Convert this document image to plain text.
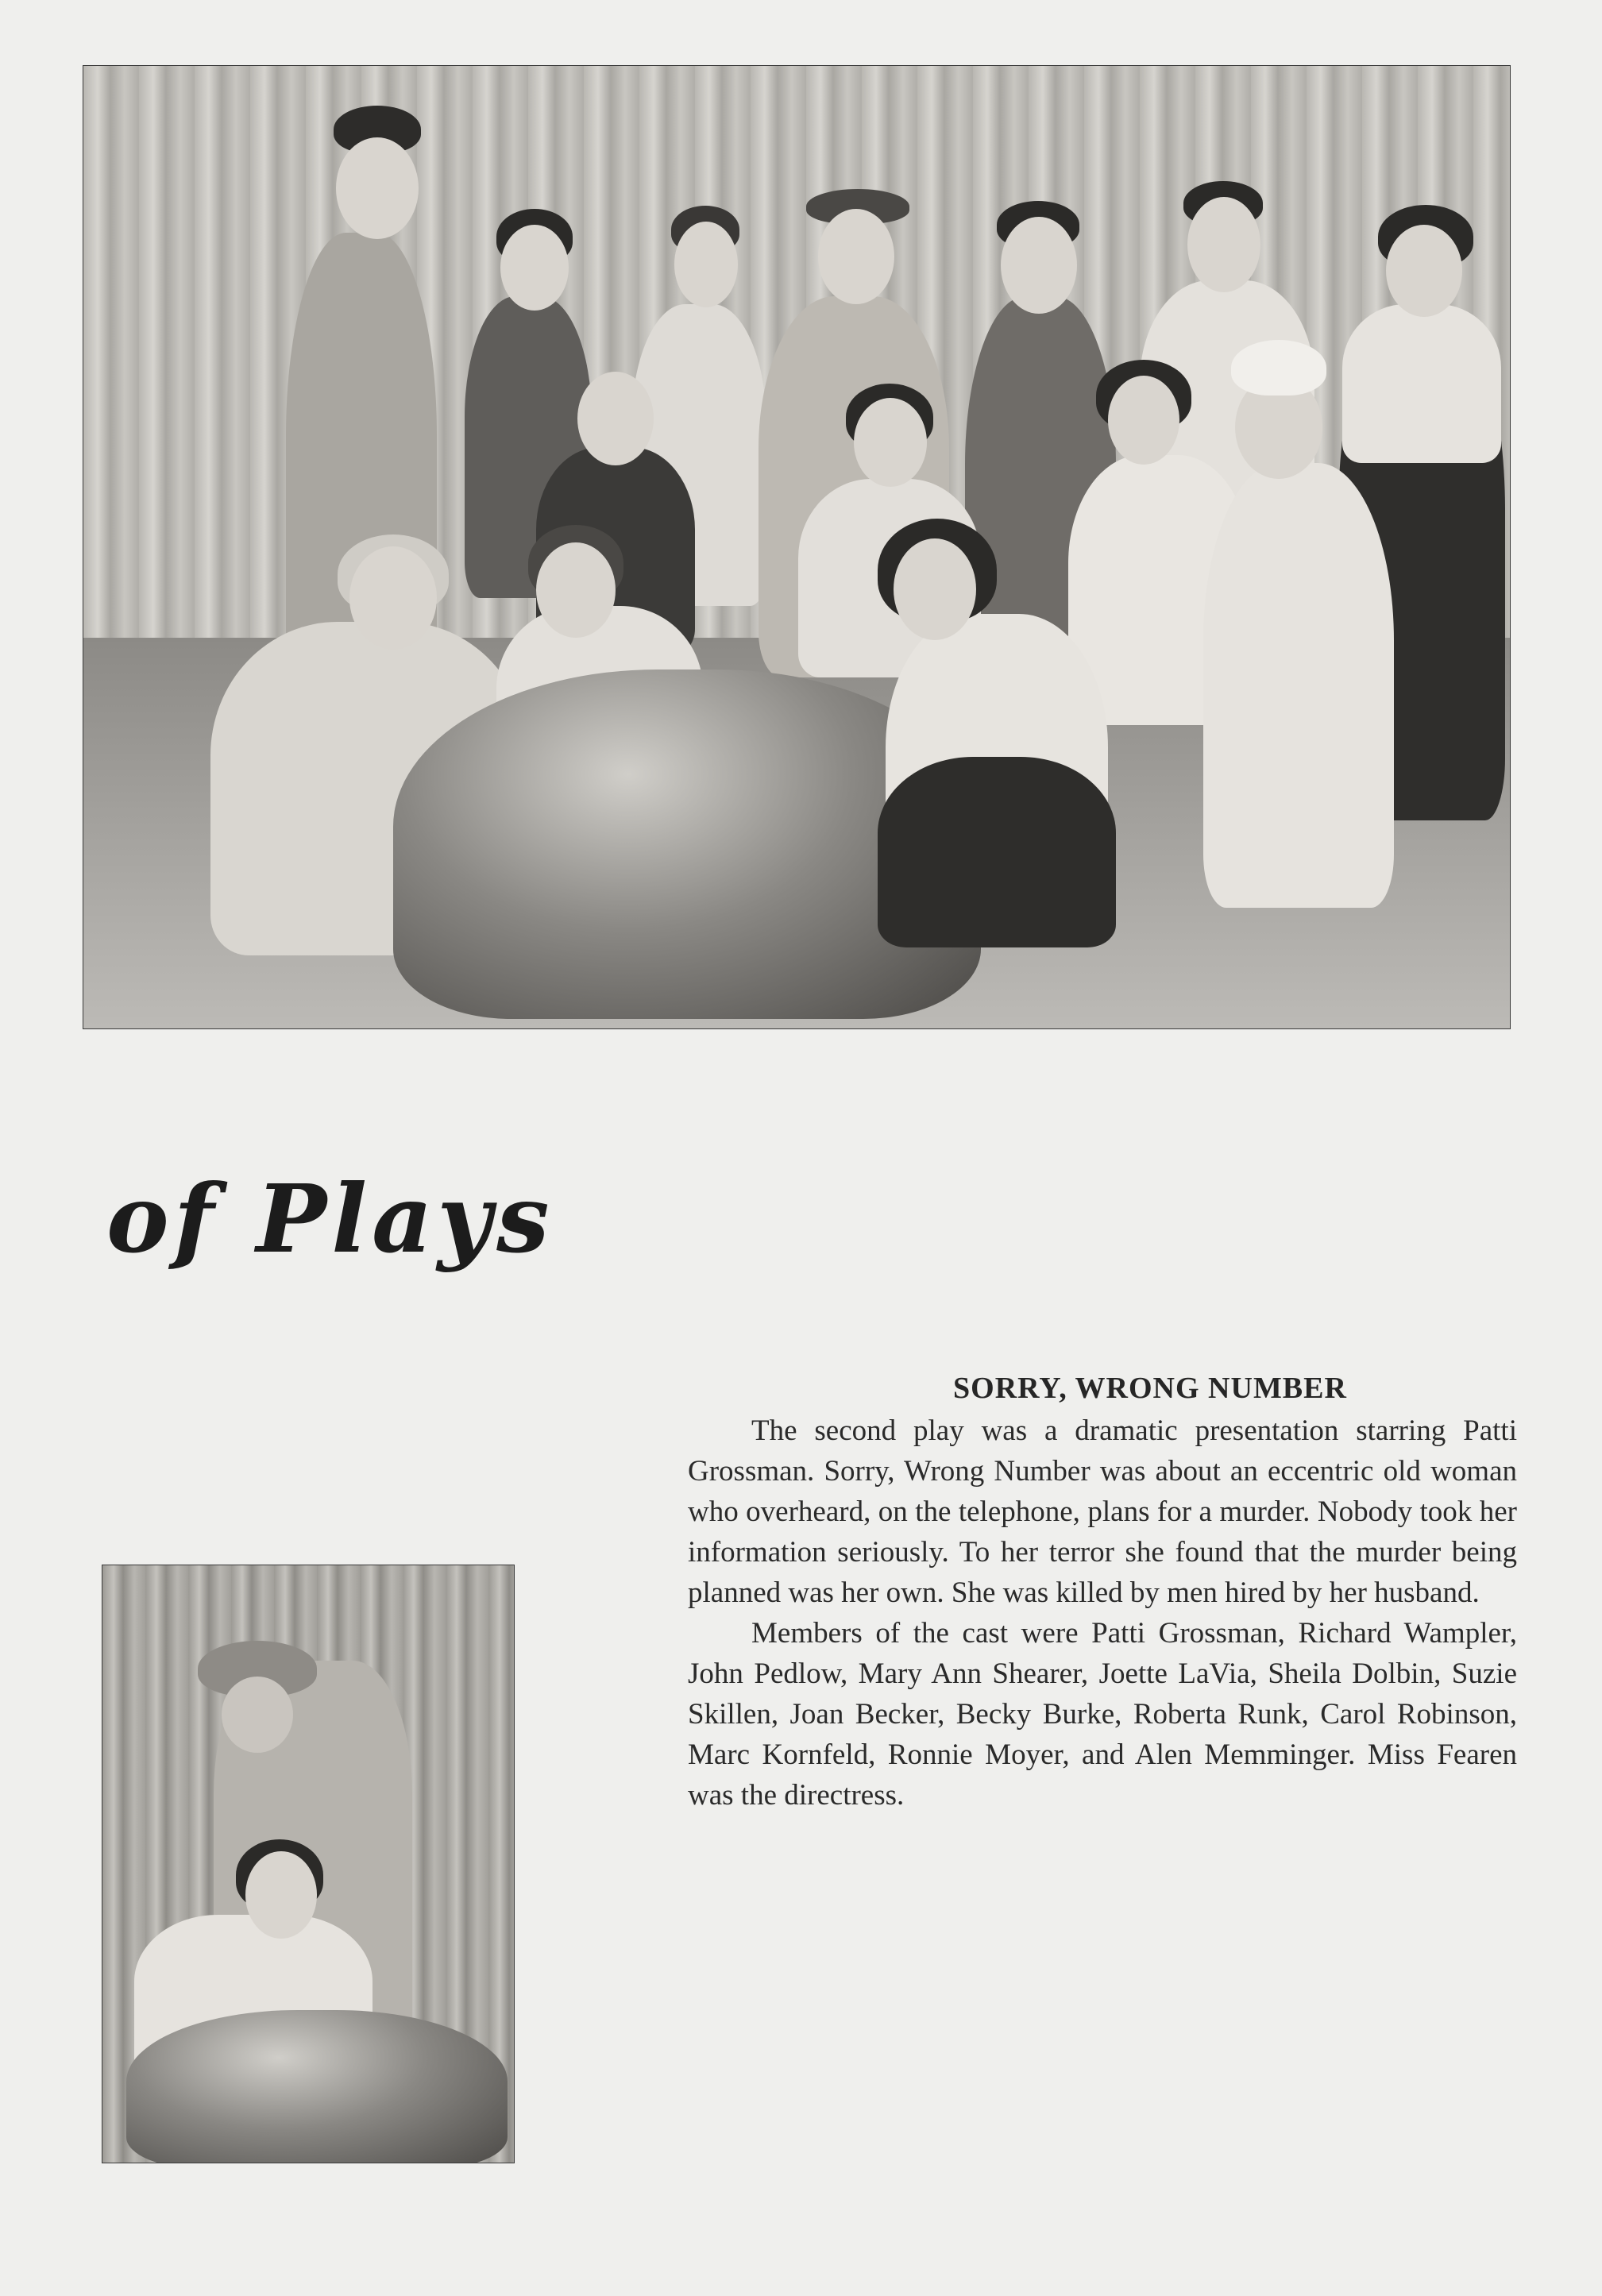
of Plays
SORRY, WRONG NUMBER

The second play was a dramatic presentation starring Patti Grossman. Sorry, Wrong Number was about an eccentric old woman who overheard, on the telephone, plans for a murder. Nobody took her information seriously. To her terror she found that the murder being planned was her own. She was killed by men hired by her husband.

Members of the cast were Patti Grossman, Richard Wampler, John Pedlow, Mary Ann Shearer, Joette LaVia, Sheila Dolbin, Suzie Skillen, Joan Becker, Becky Burke, Roberta Runk, Carol Robinson, Marc Kornfeld, Ronnie Moyer, and Alen Memminger. Miss Fearen was the directress.
